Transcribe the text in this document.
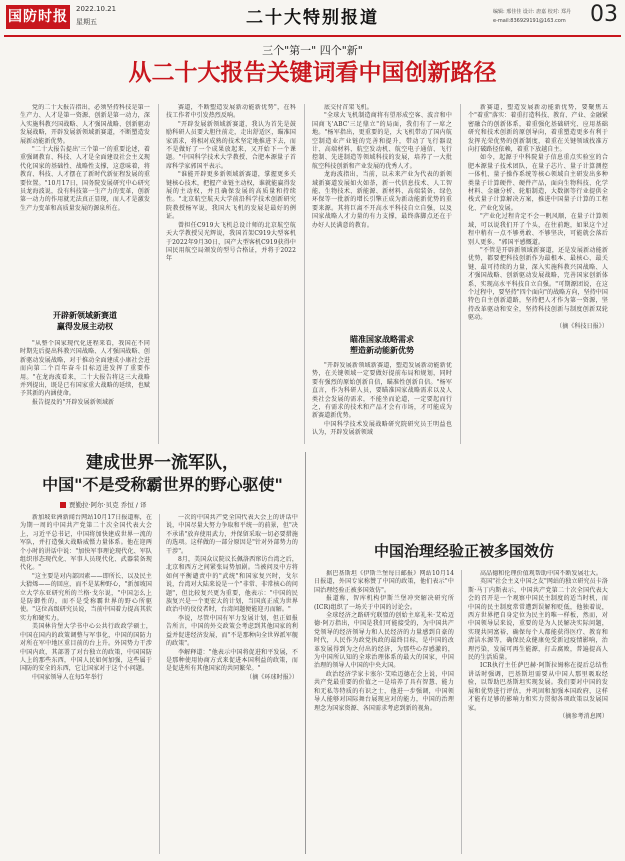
国防时报 2022.10.21
星期五	二十大特别报道	编辑: 邢佳佳 设计: 唐嘉 校对: 郑丹
e-mail:836929191@163.com 03
三个"第一" 四个"新"
从二十大报告关键词看中国创新路径

党的二十大报告指出，必须坚持科技是第一生产力、人才是第一资源、创新是第一动力，深入实施科教兴国战略、人才强国战略、创新驱动发展战略，开辟发展新领域新赛道，不断塑造发展新动能新优势。

"二十大报告提出'三个第一'的重要论述，着重强调教育、科技、人才是全面建设社会主义现代化国家的基础性、战略性支撑，这意味着，将教育、科技、人才摆在了新时代新征程发展的重要位置。"10月17日，国务院发展研究中心研究员龙海波说，没有科技第一生产力的变革，创新第一动力的作用就无法真正显现，而人才是激发生产力变革和高质量发展的源泉所在。

开辟新领域新赛道
赢得发展主动权

"从整个国家现代化进程来看，我国在不同时期先后提出科教兴国战略、人才强国战略、创新驱动发展战略，对于推动全面建成小康社会进而向第二个百年奋斗目标迈进发挥了重要作用。"在龙海波看来，二十大报告将这三大战略并列提出，既是已有国家重大战略的延续，也赋予其新的内涵使命。

报告提及的"开辟发展新领域新

赛道，不断塑造发展新动能新优势"，在科技工作者中引发热烈反响。

"开辟发展新领域新赛道，我认为首先是鼓励科研人员要大胆往前走，走出舒适区，瞄准国家需求，将相对成熟的技术坚定地推进下去，而不是做好了一个成果放起来，又开始下一个课题。"中国科学技术大学教授、合肥本源量子首席科学家郭国平表示。

"谁能开辟更多新领域新赛道，掌握更多关键核心技术，把握产业链主动权，谁就能赢得发展的主动权，并且确保发展的高质量和持续性。"北京航空航天大学前沿科学技术创新研究院教授杨军说，我国大飞机的发展是最好的例证。

曾担任C919大飞机总设计师的北京航空航天大学教授吴光辉说，我国首架C919大型客机于2022年9月30日，国产大型客机C919获得中国民用航空局颁发的型号合格证，并将于2022年

底交付首架飞机。

"全球大飞机制造商将有望形成空客、波音和中国商飞'ABC'三足鼎立"的局面，我们有了一席之地。"杨军指出，更重要的是，大飞机带动了国内航空制造业产业链的完善和提升，带动了飞行器设计、高端材料、航空发动机、航空电子通信、飞行控制、先进制造等领域科技的发展，培养了一大批航空科技创新和产业发展的优秀人才。

龙海波指出，当前，以未来产业为代表的新领域新赛道发展如火如荼，新一代信息技术、人工智能、生物技术、新能源、新材料、高端装备、绿色环保等一批新的增长引擎正成为新动能新优势的重要来源。其将巨离不开高水平科技自立自强，以及国家战略人才力量的有力支撑，最终落脚点还在于办好人民满意的教育。

瞄准国家战略需求
塑造新动能新优势

"开辟发展新领域新赛道，塑造发展新动能新优势，在关键领域一定要做好提前布局和规划，同时要有强烈的原始创新自信，瞄准性创新自信。"杨军直言，作为科研人员，要瞄准国家战略需求以及人类社会发展的需求，不能坐而论道，一定要起而行之，有需求的技术和产品才会有市场，才可能成为新赛道新优势。

中国科学技术发展战略研究院研究员王明益也认为，开辟发展新领域

新赛道，塑造发展新动能新优势，要聚焦五个"着重"落实：着重打造科技、教育、产业、金融紧密融合的创新体系，着重强化基础研究、应用基础研究和技术创新的原创导向，着重塑造更多有利于发挥光荣优势的创新制度，着重在关键领域找准方向打破路径依赖，着重下放越自主。

如今，起源于中科院量子信息重点实验室的合肥本源量子技术团队，在量子芯片、量子计算测控一体机、量子操作系统等核心领域自主研发出多种类量子计算硬件、硬件产品，面向生物科技、化学材料、金融分析、轮船制造，大数据等行业提供全栈式量子计算解决方案，推进中国量子计算的工程化、产业化发展。

"产业化过程肯定不会一帆风顺，在量子计算领域，可以说我们开了个头，在往前跑，如果这个过程中稍有一点不够勇敢、不够坚决，可能就会落后别人更多。"郭国平感慨道。

"不管是开辟新领域新赛道，还是发展新动能新优势，都要把科技创新作为最根本、最核心、最关键、最可持续的力量，深入实施科教兴国战略、人才强国战略、创新驱动发展战略，完善国家创新体系，实现高水平科技自立自强。"可期源团说，在这个过程中，要坚持"四个面向"的战略方向，坚持中国特色自主创新道路，坚持把人才作为第一资源，坚持改革驱动和安全，坚持科技创新与制度创新双轮驱动。

（摘《科技日报》）

建成世界一流军队，
中国"不是受称霸世界的野心驱使"
贾勤拉·阿尔·贝克 乔恒 / 译

新加坡亚洲新闻台网站10月17日报道称，在为期一周的中国共产党第二十次全国代表大会上，习近平总书记，中国将加快建成世界一流的军队，并打造强大战略威慑力量体系。他在迎两个小时的讲话中说："加快军事理论现代化、军队组织形态现代化、军事人员现代化、武器装备现代化。"

"这主要是对内部因素——即所长、以及民主大猜烯——的回应，而不是某种野心，"新加坡国立大学东亚研究所的兰格·戈尔说，"中国怎么上是防御性的，而不是受称霸世界的野心所驱使。"这位高级研究员说，当前中国着力提高其软实力和硬实力。

美国林肯堡大学书中心公共行政政学硕士，中国在国内的政策调整与军事化，中国的国防力对所在军中地区重目前的台上升。外国势力干涉中国内政，其部署了对台独立的政策，中国国防人上的那些东西，中国人民如何加强，这些属于国防的安全的东西，它让国家对于这个小问题。

中国家领导人在每5年举行

一次的中国共产党全国代表大会上的讲话中说，中国尽量大努力争取和平统一的前景，但"决不承诺"放弃使用武力，并保留采取一切必要措施的选项。这样做的一部分原因是"针对外部势力的干涉"。

8月，美国众议院议长佩洛西窜访台湾之后，北京和西方之间紧张局势加剧。当被问及中方将如何平衡谴责中的"武统"和国家复兴时，戈尔说，台湾对大陆来说是一个"非常、非常核心的问题"，但比较复兴更为重要，他表示："中国的民族复兴是一个更宏大的计划，当国真正成为世界政治中的佼佼者时，台湾问题便能迎刃而解。"

李说，尽管中国有军力发展计划，但正如报告所言，中国的外交政策会考虑到其他国家的利益并促进经济发展，而"不是那种向全世界派军舰的政策"。

李解释道："他表示中国将促进和平发展，不是那种使用协商方式来促进本国利益的政策，而是促进所有其他国家的共同繁荣。"

（摘《环球时报》）

中国治理经验正被多国效仿

据巴基斯坦《伊斯兰堡每日邮报》网站10月14日报道，外国专家称赞了中国的政策，他们表示"中国治理经验正被多国效仿"。

报道称，智库机构伊斯兰堡冲突解决研究所(ICR)组织了一场关于中国的讨论会。

全球经济之路研究联盟的创始主席礼米·艾哈迈德·阿万指出，中国是我们可能接受的，为中国共产党领导的经济领导力和人民经济的力量感到自豪的时代，人民作为政党执政的最终目标，是中国的改革发展得到为之付出的经济，为那些心存感激的，为中国所认知的全球治理体系的最大的国家，中国治理的领导人中国的中央大国。

政治经济学家卡塞尔·艾哈迈德在会上说，中国共产党最重要的价值之一是培养了具有智慧、能力和无私等特质的有识之士，他进一步强调，中国领导人能够对国际舞台展现应对的能力，中国的治理理念为国家资源、各国需求考虑到新的视角。

高品德和伦理价值观帮助中国不断发展壮大。

英国"社会主义中国之友"网站的独立研究员卡洛斯·马丁内斯表示，中国共产党第二十次全国代表大会的召开是一个观察中国民主制度的适当时机，而中国的民主制度常常遭到误解和贬低，他独着说，西方世界把自身定位为民主的唯一样板，然而，对中国领导层来说，重要的是为人民解决实际问题，实现共同富裕，确保每个人都能获得医疗、教育和清洁水源等，确保民众健康免受新冠疫情影响，治理污染，发展可再生能源，打击腐败，普遍提高人民的生活质量。

ICR执行主任萨巴赫·阿斯拉姆称在提后总结性讲话时强调，巴基斯坦需要从中国人那里吸取经验，以帮助巴基斯坦实现发展。我们要对中国的发展和优势进行评估，并巩固和加强本国政府，这样才能有足够的影响力和实力贯彻各项政策以发展国家。

（摘参考消息网）
